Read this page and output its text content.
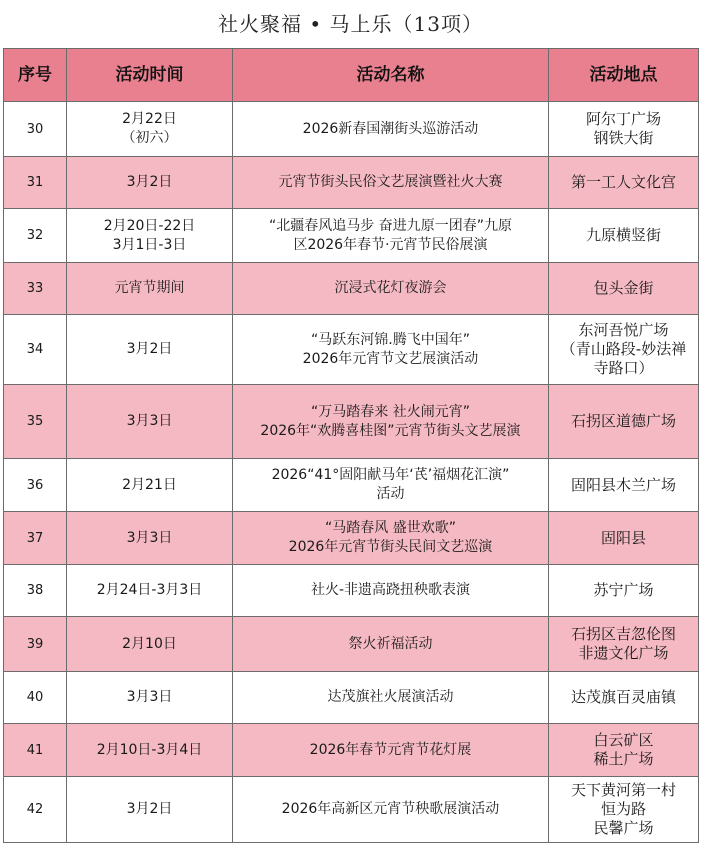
社火聚福 • 马上乐（13项）
序号	活动时间	活动名称	活动地点
30	2月22日
（初六）	2026新春国潮街头巡游活动	阿尔丁广场
钢铁大街

31	3月2日	元宵节街头民俗文艺展演暨社火大赛	第一工人文化宫

32	2月20日-22日
3月1日-3日	“北疆春风追马步 奋进九原一团春”九原
区2026年春节·元宵节民俗展演	九原横竖街

33	元宵节期间	沉浸式花灯夜游会	包头金街

34	3月2日	“马跃东河锦.腾飞中国年”
2026年元宵节文艺展演活动	东河吾悦广场
（青山路段-妙法禅
寺路口）

35	3月3日	“万马踏春来 社火闹元宵”
2026年“欢腾喜桂图”元宵节街头文艺展演	石拐区道德广场

36	2月21日	2026“41°固阳献马年‘芪’福烟花汇演”
活动	固阳县木兰广场

37	3月3日	“马踏春风 盛世欢歌”
2026年元宵节街头民间文艺巡演	固阳县

38	2月24日-3月3日	社火-非遗高跷扭秧歌表演	苏宁广场

39	2月10日	祭火祈福活动	石拐区吉忽伦图
非遗文化广场

40	3月3日	达茂旗社火展演活动	达茂旗百灵庙镇

41	2月10日-3月4日	2026年春节元宵节花灯展	白云矿区
稀土广场

42	3月2日	2026年高新区元宵节秧歌展演活动	天下黄河第一村
恒为路
民馨广场
